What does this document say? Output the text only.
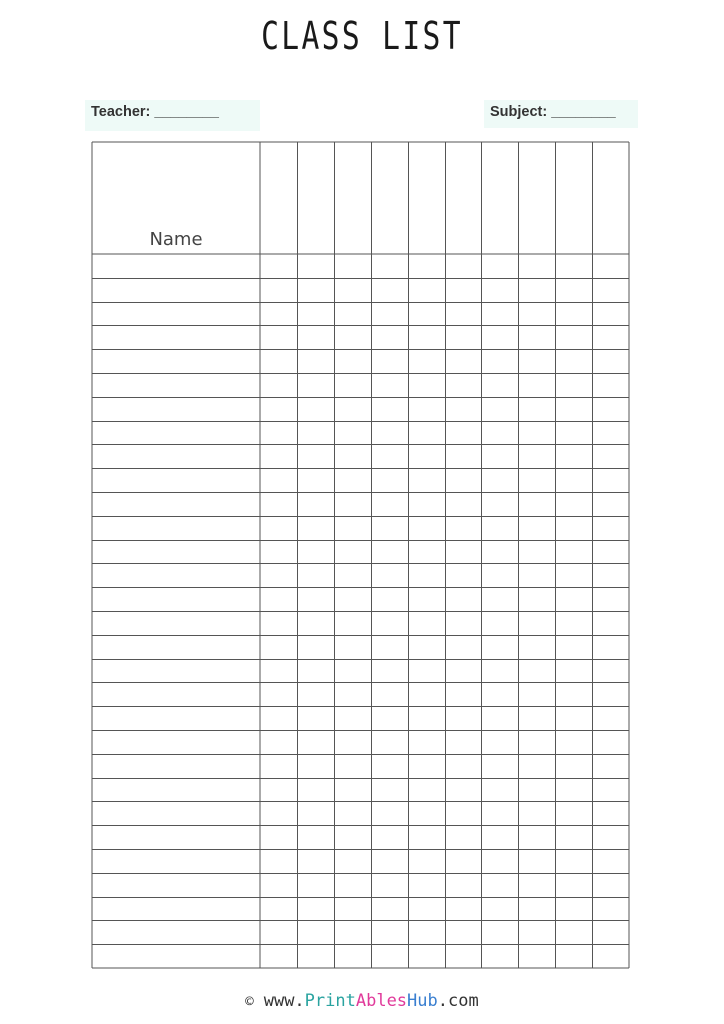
CLASS LIST
Teacher: ________	Subject: ________
Name
© www.PrintAblesHub.com
